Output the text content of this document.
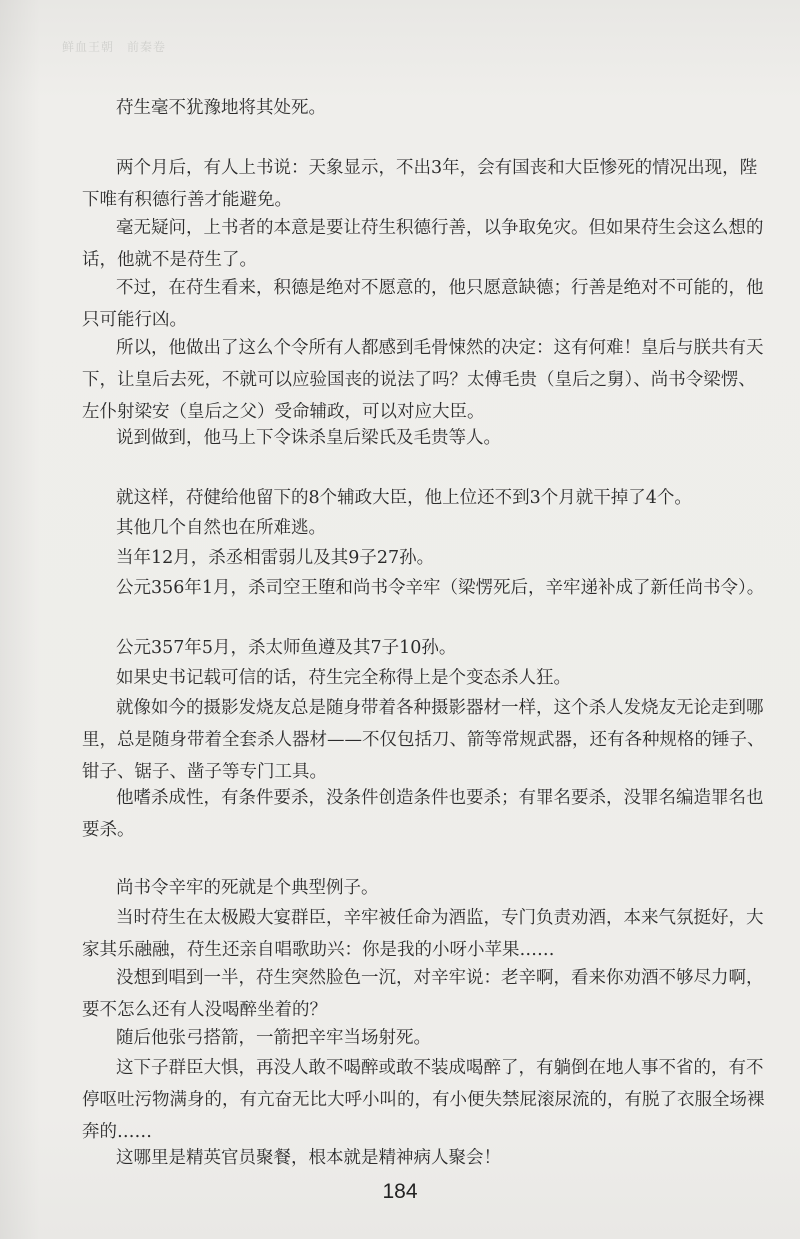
鲜血王朝　前秦卷

苻生毫不犹豫地将其处死。

两个月后，有人上书说：天象显示，不出3年，会有国丧和大臣惨死的情况出现，陛下唯有积德行善才能避免。

毫无疑问，上书者的本意是要让苻生积德行善，以争取免灾。但如果苻生会这么想的话，他就不是苻生了。

不过，在苻生看来，积德是绝对不愿意的，他只愿意缺德；行善是绝对不可能的，他只可能行凶。

所以，他做出了这么个令所有人都感到毛骨悚然的决定：这有何难！皇后与朕共有天下，让皇后去死，不就可以应验国丧的说法了吗？太傅毛贵（皇后之舅）、尚书令梁愣、左仆射梁安（皇后之父）受命辅政，可以对应大臣。

说到做到，他马上下令诛杀皇后梁氏及毛贵等人。

就这样，苻健给他留下的8个辅政大臣，他上位还不到3个月就干掉了4个。

其他几个自然也在所难逃。

当年12月，杀丞相雷弱儿及其9子27孙。

公元356年1月，杀司空王堕和尚书令辛牢（梁愣死后，辛牢递补成了新任尚书令）。

公元357年5月，杀太师鱼遵及其7子10孙。

如果史书记载可信的话，苻生完全称得上是个变态杀人狂。

就像如今的摄影发烧友总是随身带着各种摄影器材一样，这个杀人发烧友无论走到哪里，总是随身带着全套杀人器材——不仅包括刀、箭等常规武器，还有各种规格的锤子、钳子、锯子、凿子等专门工具。

他嗜杀成性，有条件要杀，没条件创造条件也要杀；有罪名要杀，没罪名编造罪名也要杀。

尚书令辛牢的死就是个典型例子。

当时苻生在太极殿大宴群臣，辛牢被任命为酒监，专门负责劝酒，本来气氛挺好，大家其乐融融，苻生还亲自唱歌助兴：你是我的小呀小苹果……

没想到唱到一半，苻生突然脸色一沉，对辛牢说：老辛啊，看来你劝酒不够尽力啊，要不怎么还有人没喝醉坐着的？

随后他张弓搭箭，一箭把辛牢当场射死。

这下子群臣大惧，再没人敢不喝醉或敢不装成喝醉了，有躺倒在地人事不省的，有不停呕吐污物满身的，有亢奋无比大呼小叫的，有小便失禁屁滚尿流的，有脱了衣服全场裸奔的……

这哪里是精英官员聚餐，根本就是精神病人聚会！

184
